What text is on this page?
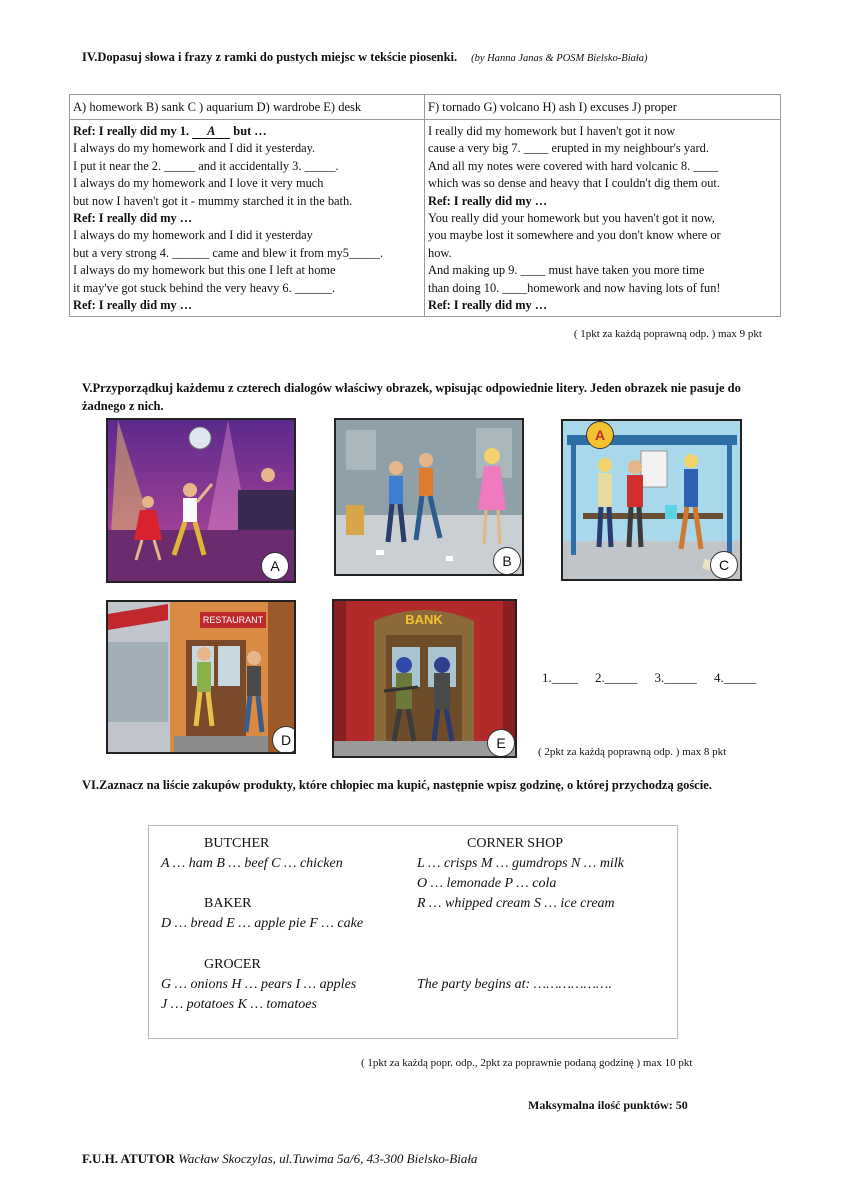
IV.Dopasuj słowa i frazy z ramki do pustych miejsc w tekście piosenki. (by Hanna Janas & POSM Bielsko-Biała)
A) homework B) sank C ) aquarium D) wardrobe E) desk	F) tornado G) volcano H) ash I) excuses J) proper
Ref: I really did my 1. A but …
I always do my homework and I did it yesterday.
I put it near the 2. _____ and it accidentally 3. _____.
I always do my homework and I love it very much
but now I haven't got it - mummy starched it in the bath.
Ref: I really did my …
I always do my homework and I did it yesterday
but a very strong 4. ______ came and blew it from my5_____.
I always do my homework but this one I left at home
it may've got stuck behind the very heavy 6. ______.
Ref: I really did my …
I really did my homework but I haven't got it now
cause a very big 7. ____ erupted in my neighbour's yard.
And all my notes were covered with hard volcanic 8. ____
which was so dense and heavy that I couldn't dig them out.
Ref: I really did my …
You really did your homework but you haven't got it now,
you maybe lost it somewhere and you don't know where or
how.
And making up 9. ____ must have taken you more time
than doing 10. ____homework and now having lots of fun!
Ref: I really did my …
( 1pkt za każdą poprawną odp. ) max 9 pkt
V.Przyporządkuj każdemu z czterech dialogów właściwy obrazek, wpisując odpowiednie litery. Jeden obrazek nie pasuje do żadnego z nich.
A	B
A
C
RESTAURANT
D
BANK
E
1.____ 2._____ 3._____ 4._____
( 2pkt za każdą poprawną odp. ) max 8 pkt
VI.Zaznacz na liście zakupów produkty, które chłopiec ma kupić, następnie wpisz godzinę, o której przychodzą goście.
BUTCHER
A … ham B … beef C … chicken
BAKER
D … bread E … apple pie F … cake
GROCER
G … onions H … pears I … apples
J … potatoes K … tomatoes
CORNER SHOP
L … crisps M … gumdrops N … milk
O … lemonade P … cola
R … whipped cream S … ice cream
The party begins at: ……………….
( 1pkt za każdą popr. odp., 2pkt za poprawnie podaną godzinę ) max 10 pkt
Maksymalna ilość punktów: 50
F.U.H. ATUTOR Wacław Skoczylas, ul.Tuwima 5a/6, 43-300 Bielsko-Biała
